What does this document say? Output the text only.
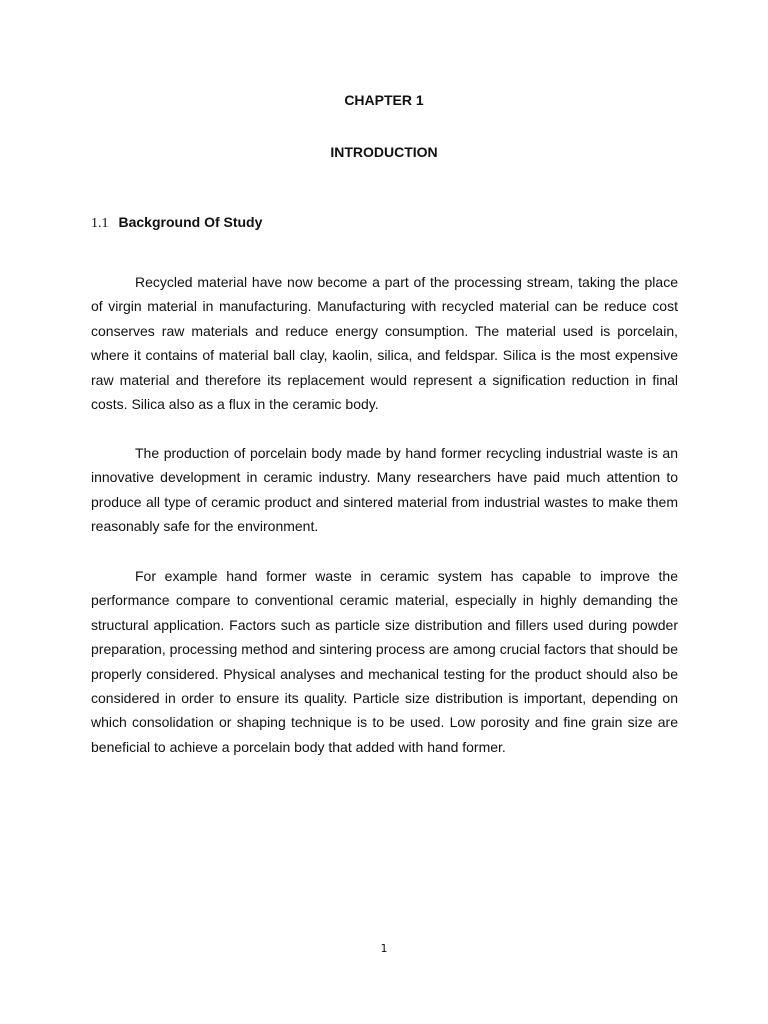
CHAPTER 1
INTRODUCTION
1.1 Background Of Study

Recycled material have now become a part of the processing stream, taking the place of virgin material in manufacturing. Manufacturing with recycled material can be reduce cost conserves raw materials and reduce energy consumption. The material used is porcelain, where it contains of material ball clay, kaolin, silica, and feldspar. Silica is the most expensive raw material and therefore its replacement would represent a signification reduction in final costs. Silica also as a flux in the ceramic body.

The production of porcelain body made by hand former recycling industrial waste is an innovative development in ceramic industry. Many researchers have paid much attention to produce all type of ceramic product and sintered material from industrial wastes to make them reasonably safe for the environment.

For example hand former waste in ceramic system has capable to improve the performance compare to conventional ceramic material, especially in highly demanding the structural application. Factors such as particle size distribution and fillers used during powder preparation, processing method and sintering process are among crucial factors that should be properly considered. Physical analyses and mechanical testing for the product should also be considered in order to ensure its quality. Particle size distribution is important, depending on which consolidation or shaping technique is to be used. Low porosity and fine grain size are beneficial to achieve a porcelain body that added with hand former.

1
